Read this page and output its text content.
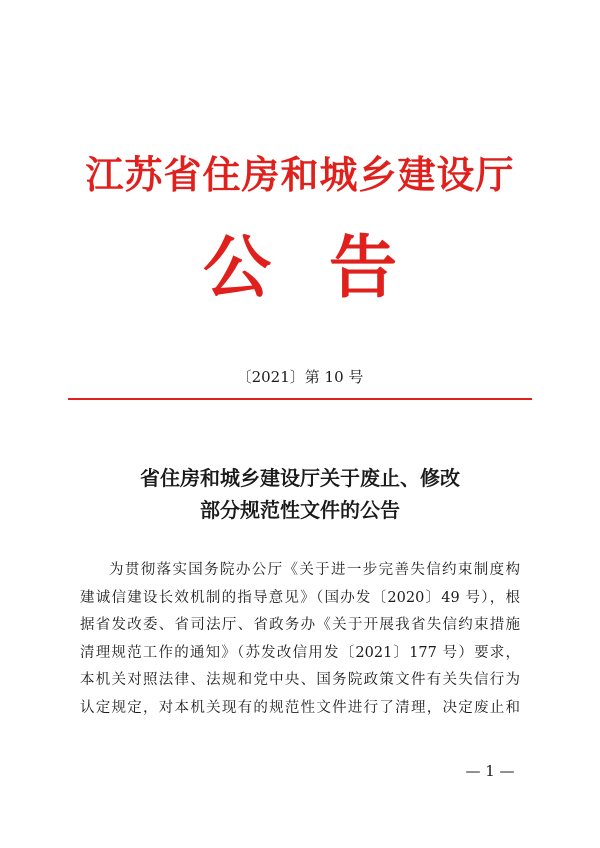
江苏省住房和城乡建设厅
公告
〔2021〕第 10 号
省住房和城乡建设厅关于废止、修改
部分规范性文件的公告
为贯彻落实国务院办公厅《关于进一步完善失信约束制度构
建诚信建设长效机制的指导意见》（国办发〔2020〕49 号），根
据省发改委、省司法厅、省政务办《关于开展我省失信约束措施
清理规范工作的通知》（苏发改信用发〔2021〕177 号）要求，
本机关对照法律、法规和党中央、国务院政策文件有关失信行为
认定规定，对本机关现有的规范性文件进行了清理，决定废止和
— 1 —
